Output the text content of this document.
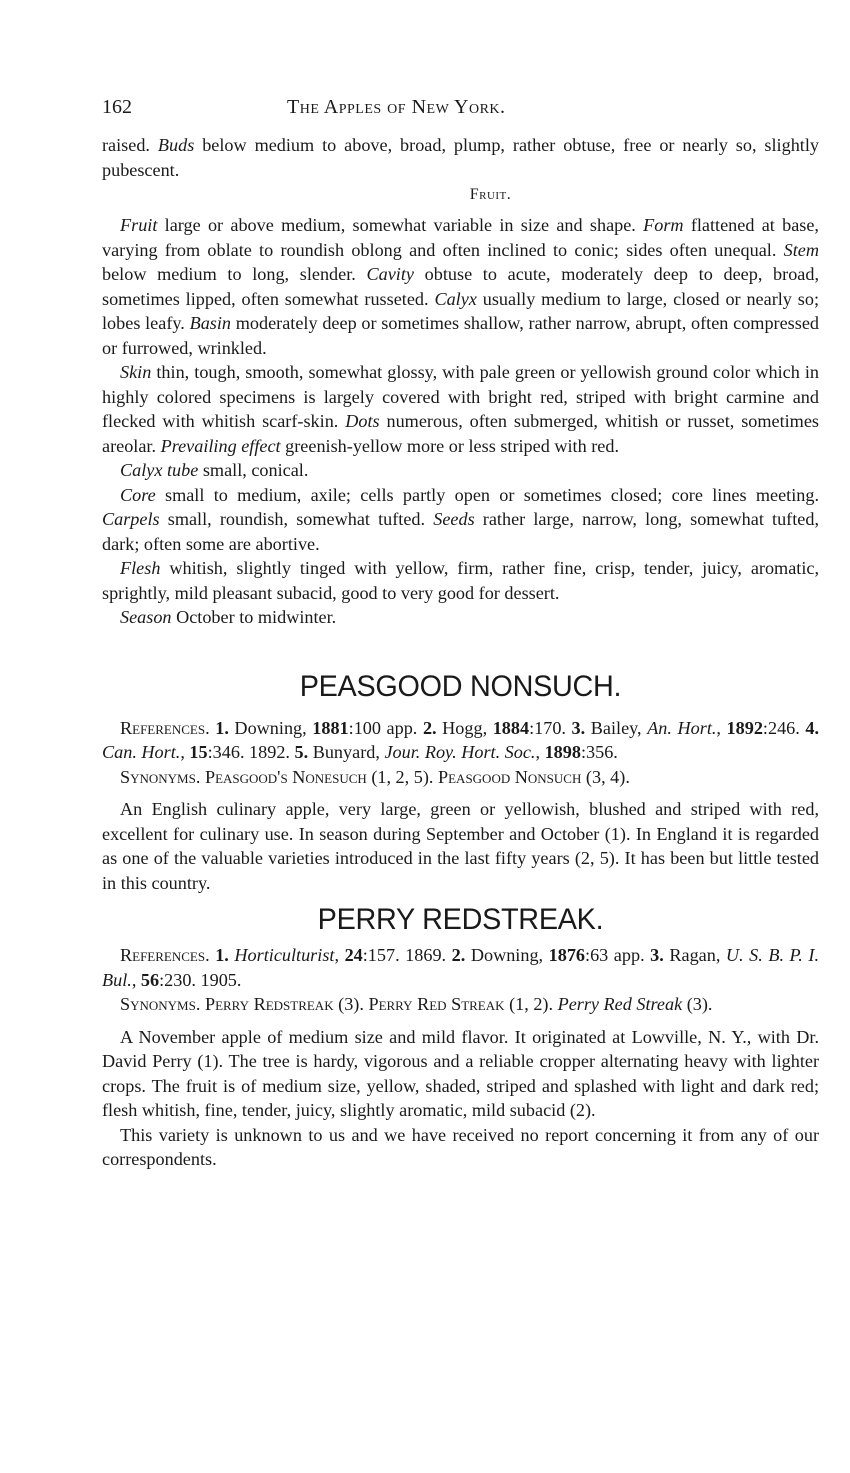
162	The Apples of New York.

raised. Buds below medium to above, broad, plump, rather obtuse, free or nearly so, slightly pubescent.

Fruit.

Fruit large or above medium, somewhat variable in size and shape. Form flattened at base, varying from oblate to roundish oblong and often inclined to conic; sides often unequal. Stem below medium to long, slender. Cavity obtuse to acute, moderately deep to deep, broad, sometimes lipped, often somewhat russeted. Calyx usually medium to large, closed or nearly so; lobes leafy. Basin moderately deep or sometimes shallow, rather narrow, abrupt, often compressed or furrowed, wrinkled.

Skin thin, tough, smooth, somewhat glossy, with pale green or yellowish ground color which in highly colored specimens is largely covered with bright red, striped with bright carmine and flecked with whitish scarf-skin. Dots numerous, often submerged, whitish or russet, sometimes areolar. Prevailing effect greenish-yellow more or less striped with red.

Calyx tube small, conical.

Core small to medium, axile; cells partly open or sometimes closed; core lines meeting. Carpels small, roundish, somewhat tufted. Seeds rather large, narrow, long, somewhat tufted, dark; often some are abortive.

Flesh whitish, slightly tinged with yellow, firm, rather fine, crisp, tender, juicy, aromatic, sprightly, mild pleasant subacid, good to very good for dessert.

Season October to midwinter.

PEASGOOD NONSUCH.

References. 1. Downing, 1881:100 app. 2. Hogg, 1884:170. 3. Bailey, An. Hort., 1892:246. 4. Can. Hort., 15:346. 1892. 5. Bunyard, Jour. Roy. Hort. Soc., 1898:356.

Synonyms. Peasgood's Nonesuch (1, 2, 5). Peasgood Nonsuch (3, 4).

An English culinary apple, very large, green or yellowish, blushed and striped with red, excellent for culinary use. In season during September and October (1). In England it is regarded as one of the valuable varieties introduced in the last fifty years (2, 5). It has been but little tested in this country.

PERRY REDSTREAK.

References. 1. Horticulturist, 24:157. 1869. 2. Downing, 1876:63 app. 3. Ragan, U. S. B. P. I. Bul., 56:230. 1905.

Synonyms. Perry Redstreak (3). Perry Red Streak (1, 2). Perry Red Streak (3).

A November apple of medium size and mild flavor. It originated at Lowville, N. Y., with Dr. David Perry (1). The tree is hardy, vigorous and a reliable cropper alternating heavy with lighter crops. The fruit is of medium size, yellow, shaded, striped and splashed with light and dark red; flesh whitish, fine, tender, juicy, slightly aromatic, mild subacid (2).

This variety is unknown to us and we have received no report concerning it from any of our correspondents.
